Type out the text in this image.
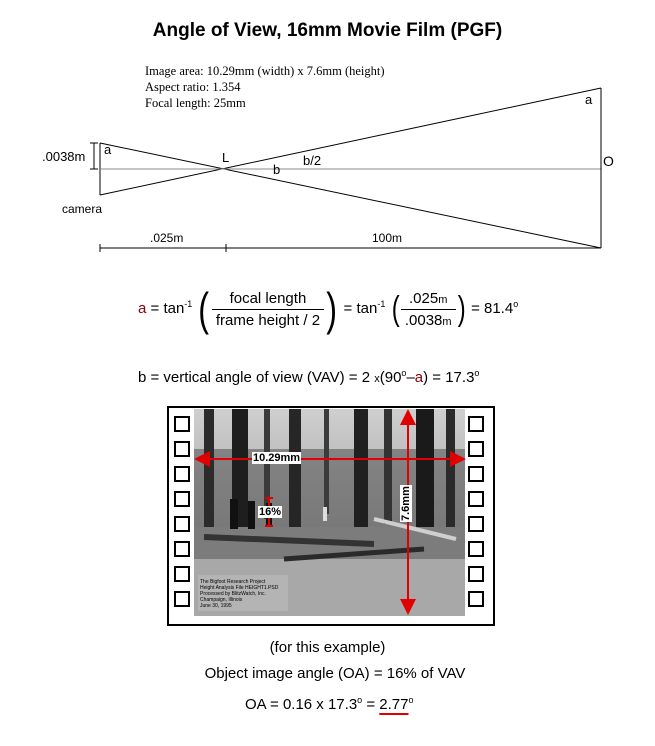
Angle of View, 16mm Movie Film (PGF)
Image area: 10.29mm (width) x 7.6mm (height)
Aspect ratio: 1.354
Focal length: 25mm
.0038m a
a
L
b
b/2	O
camera
.025m	100m
$a = \tan^{-1}$ ( $\frac{\text{focal length}}{\text{frame height / 2}}$ ) = $\tan^{-1}$ ( $\frac{.025m}{.0038m}$ ) = $81.4^o$
b = vertical angle of view (VAV) = 2 $x(90^o-a) = 17.3^o$
The Bigfoot Research Project
Height Analysis File HEIGHT1.PSD
Processed by BlitzWatch, Inc.
Champaign, Illinois
June 30, 1995
10.29mm
7.6mm
16%
(for this example)
Object image angle (OA) = 16% of VAV
OA = 0.16 x $17.3^o = 2.77^o$
